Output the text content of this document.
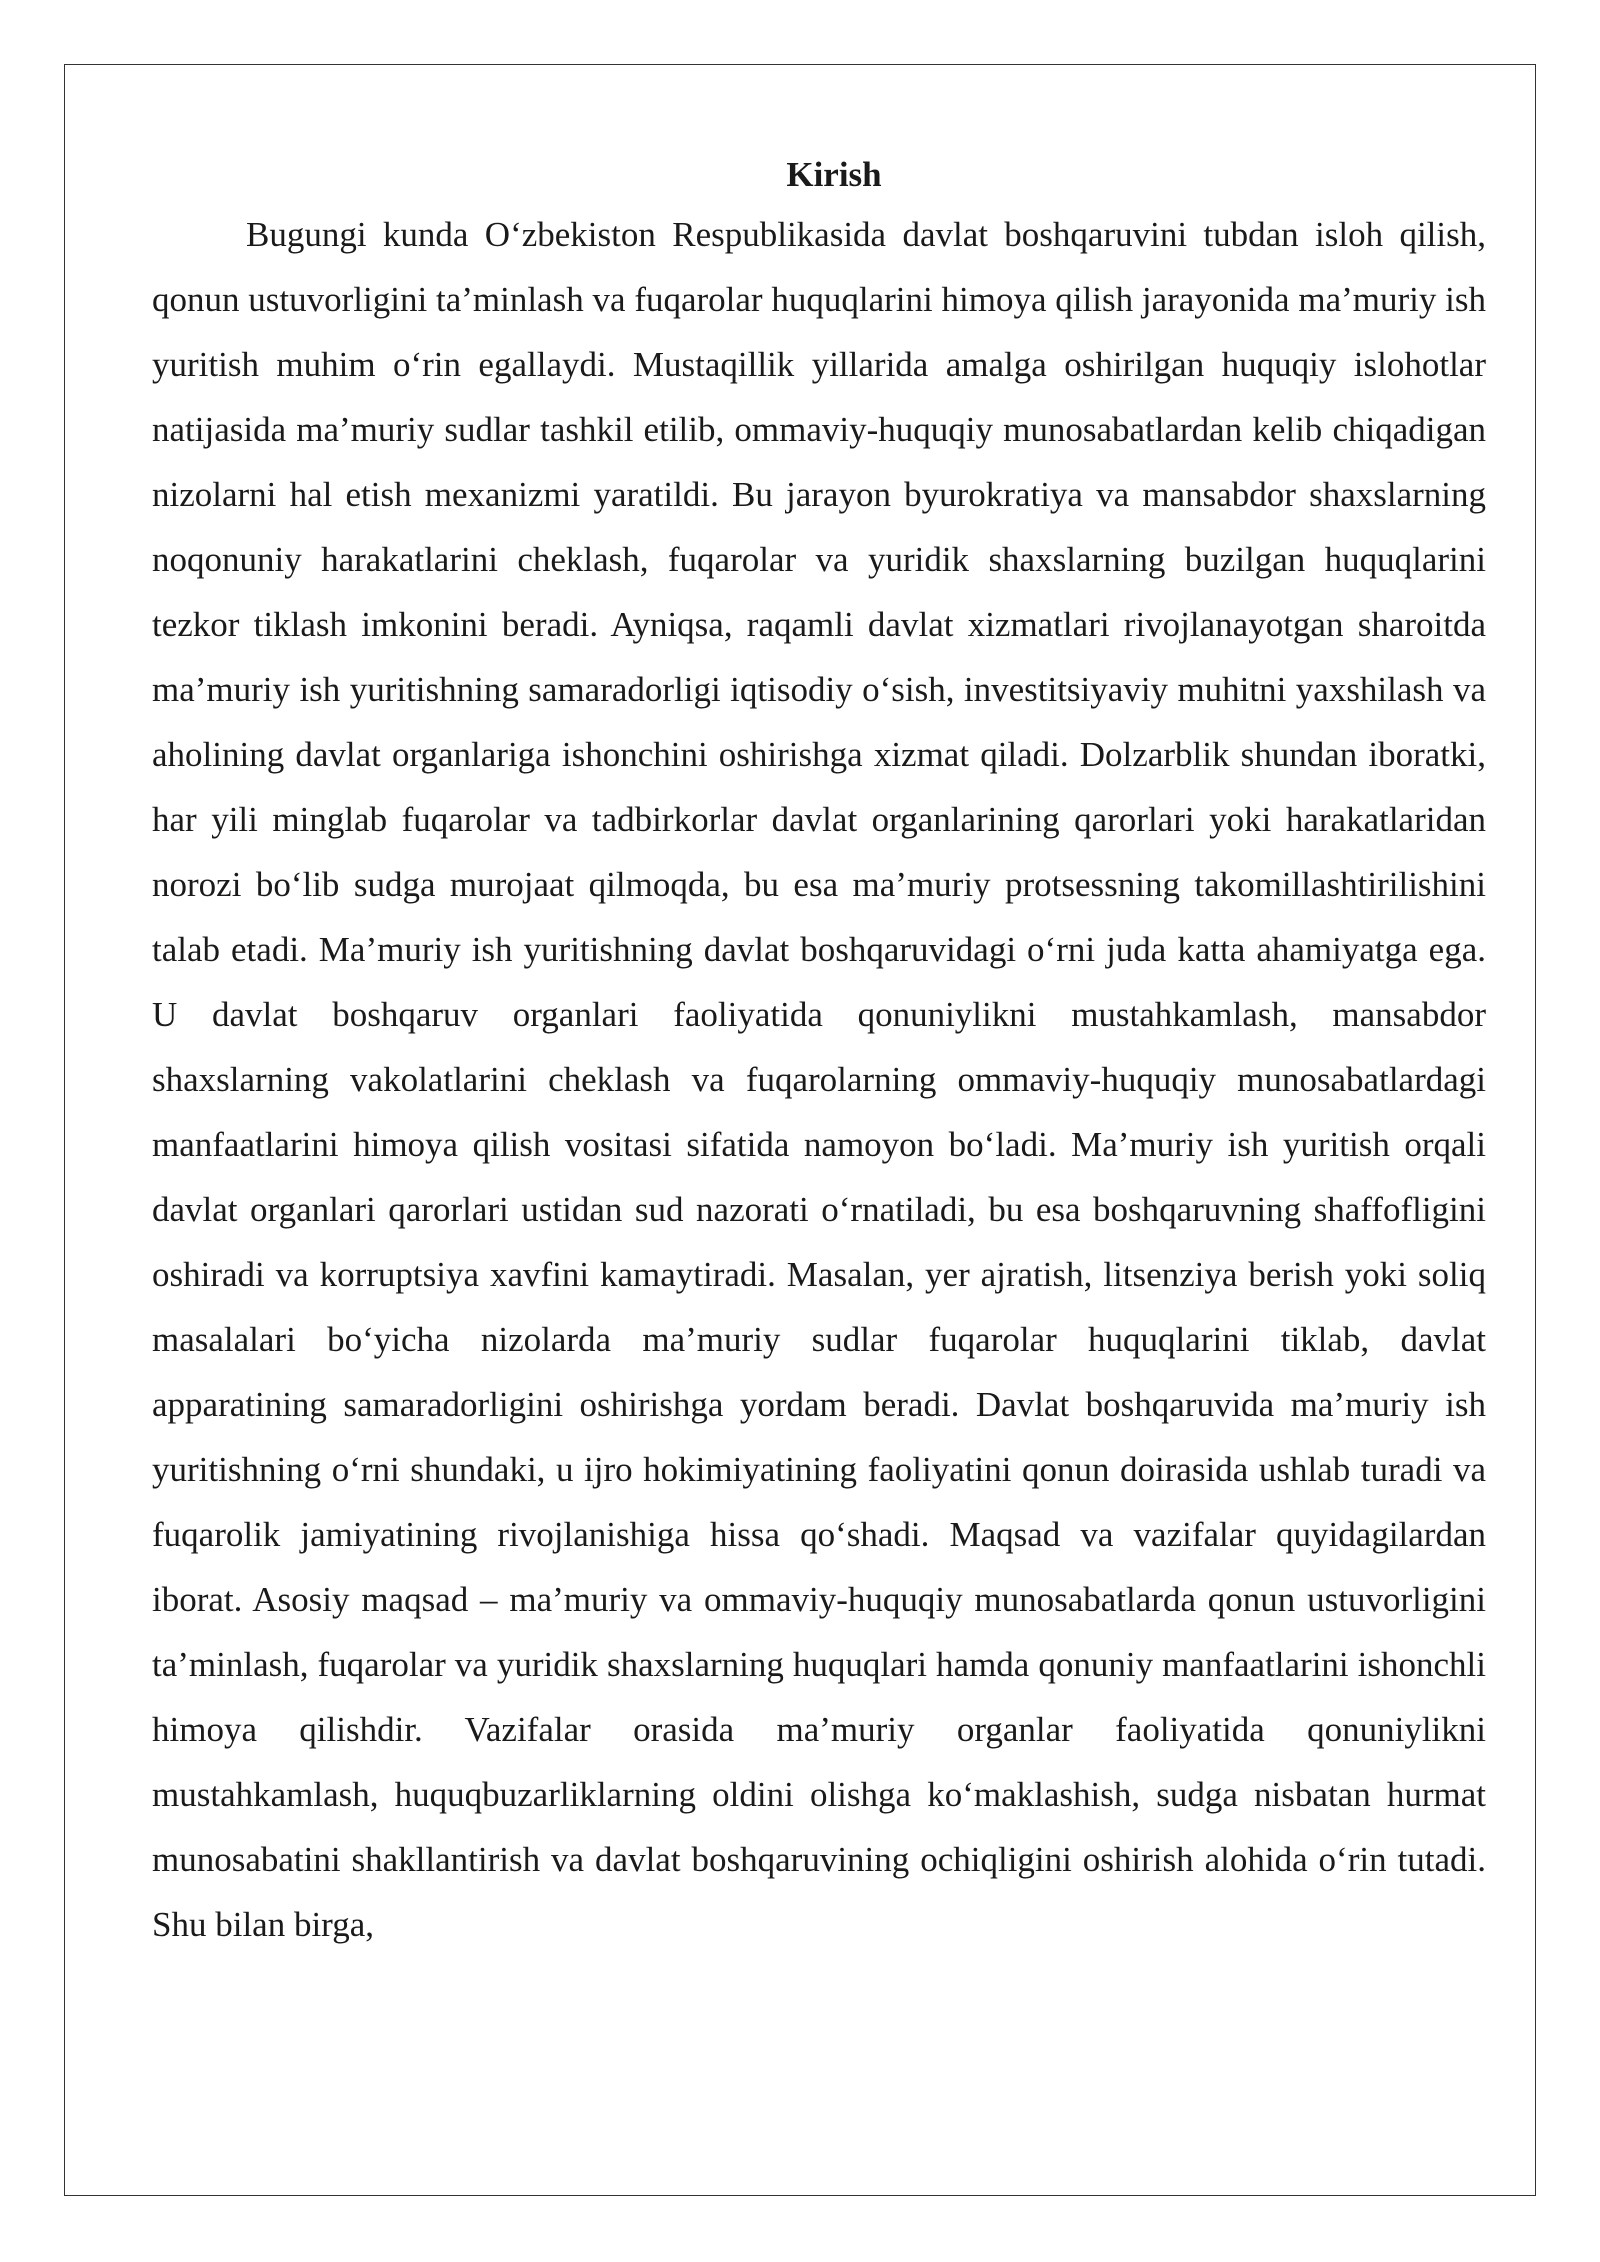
Kirish

Bugungi kunda O‘zbekiston Respublikasida davlat boshqaruvini tubdan isloh qilish, qonun ustuvorligini ta’minlash va fuqarolar huquqlarini himoya qilish jarayonida ma’muriy ish yuritish muhim o‘rin egallaydi. Mustaqillik yillarida amalga oshirilgan huquqiy islohotlar natijasida ma’muriy sudlar tashkil etilib, ommaviy-huquqiy munosabatlardan kelib chiqadigan nizolarni hal etish mexanizmi yaratildi. Bu jarayon byurokratiya va mansabdor shaxslarning noqonuniy harakatlarini cheklash, fuqarolar va yuridik shaxslarning buzilgan huquqlarini tezkor tiklash imkonini beradi. Ayniqsa, raqamli davlat xizmatlari rivojlanayotgan sharoitda ma’muriy ish yuritishning samaradorligi iqtisodiy o‘sish, investitsiyaviy muhitni yaxshilash va aholining davlat organlariga ishonchini oshirishga xizmat qiladi. Dolzarblik shundan iboratki, har yili minglab fuqarolar va tadbirkorlar davlat organlarining qarorlari yoki harakatlaridan norozi bo‘lib sudga murojaat qilmoqda, bu esa ma’muriy protsessning takomillashtirilishini talab etadi. Ma’muriy ish yuritishning davlat boshqaruvidagi o‘rni juda katta ahamiyatga ega. U davlat boshqaruv organlari faoliyatida qonuniylikni mustahkamlash, mansabdor shaxslarning vakolatlarini cheklash va fuqarolarning ommaviy-huquqiy munosabatlardagi manfaatlarini himoya qilish vositasi sifatida namoyon bo‘ladi. Ma’muriy ish yuritish orqali davlat organlari qarorlari ustidan sud nazorati o‘rnatiladi, bu esa boshqaruvning shaffofligini oshiradi va korruptsiya xavfini kamaytiradi. Masalan, yer ajratish, litsenziya berish yoki soliq masalalari bo‘yicha nizolarda ma’muriy sudlar fuqarolar huquqlarini tiklab, davlat apparatining samaradorligini oshirishga yordam beradi. Davlat boshqaruvida ma’muriy ish yuritishning o‘rni shundaki, u ijro hokimiyatining faoliyatini qonun doirasida ushlab turadi va fuqarolik jamiyatining rivojlanishiga hissa qo‘shadi. Maqsad va vazifalar quyidagilardan iborat. Asosiy maqsad – ma’muriy va ommaviy-huquqiy munosabatlarda qonun ustuvorligini ta’minlash, fuqarolar va yuridik shaxslarning huquqlari hamda qonuniy manfaatlarini ishonchli himoya qilishdir. Vazifalar orasida ma’muriy organlar faoliyatida qonuniylikni mustahkamlash, huquqbuzarliklarning oldini olishga ko‘maklashish, sudga nisbatan hurmat munosabatini shakllantirish va davlat boshqaruvining ochiqligini oshirish alohida o‘rin tutadi. Shu bilan birga,
